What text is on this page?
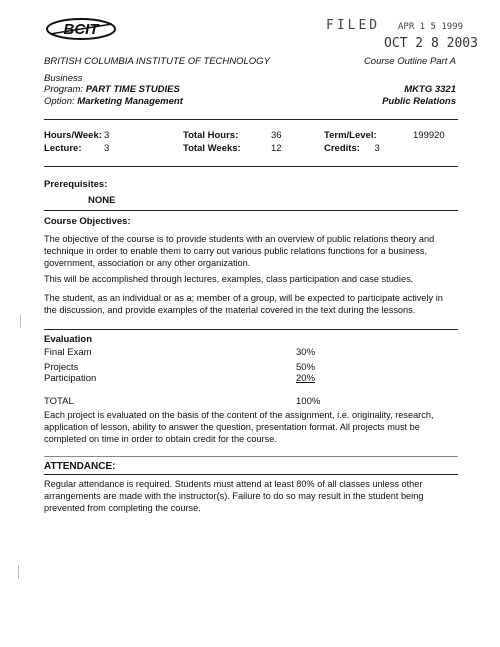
BCIT	FILED APR 1 5 1999
OCT 2 8 2003
BRITISH COLUMBIA INSTITUTE OF TECHNOLOGY	Course Outline Part A
Business
Program: PART TIME STUDIES	MKTG 3321
Option: Marketing Management	Public Relations
Hours/Week:	3	Total Hours:	36	Term/Level:	199920
Lecture:	3	Total Weeks:	12	Credits: 3	
Prerequisites:
NONE
Course Objectives:
The objective of the course is to provide students with an overview of public relations theory and technique in order to enable them to carry out various public relations functions for a business, government, association or any other organization.
This will be accomplished through lectures, examples, class participation and case studies.
The student, as an individual or as a; member of a group, will be expected to participate actively in the discussion, and provide examples of the material covered in the text during the lessons.
Evaluation
Final Exam	30%
Projects	50%
Participation	20%
TOTAL	100%
Each project is evaluated on the basis of the content of the assignment, i.e. originality, research, application of lesson, ability to answer the question, presentation format. All projects must be completed on time in order to obtain credit for the course.
ATTENDANCE:
Regular attendance is required. Students must attend at least 80% of all classes unless other arrangements are made with the instructor(s). Failure to do so may result in the student being prevented from completing the course.
